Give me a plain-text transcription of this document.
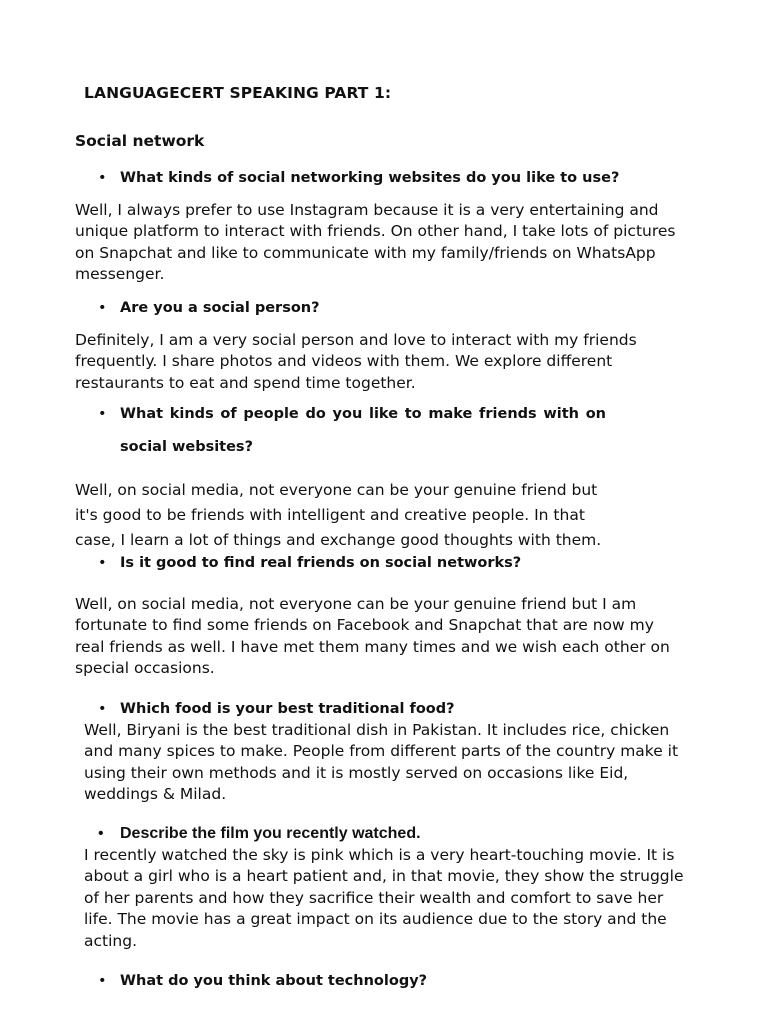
LANGUAGECERT SPEAKING PART 1:
Social network
• What kinds of social networking websites do you like to use?
Well, I always prefer to use Instagram because it is a very entertaining and
unique platform to interact with friends. On other hand, I take lots of pictures
on Snapchat and like to communicate with my family/friends on WhatsApp
messenger.
• Are you a social person?
Definitely, I am a very social person and love to interact with my friends
frequently. I share photos and videos with them. We explore different
restaurants to eat and spend time together.
• What kinds of people do you like to make friends with on social websites?
Well, on social media, not everyone can be your genuine friend but
it's good to be friends with intelligent and creative people. In that
case, I learn a lot of things and exchange good thoughts with them.
• Is it good to find real friends on social networks?
Well, on social media, not everyone can be your genuine friend but I am
fortunate to find some friends on Facebook and Snapchat that are now my
real friends as well. I have met them many times and we wish each other on
special occasions.
• Which food is your best traditional food?
Well, Biryani is the best traditional dish in Pakistan. It includes rice, chicken
and many spices to make. People from different parts of the country make it
using their own methods and it is mostly served on occasions like Eid,
weddings & Milad.
• Describe the film you recently watched.
I recently watched the sky is pink which is a very heart-touching movie. It is
about a girl who is a heart patient and, in that movie, they show the struggle
of her parents and how they sacrifice their wealth and comfort to save her
life. The movie has a great impact on its audience due to the story and the
acting.
• What do you think about technology?
